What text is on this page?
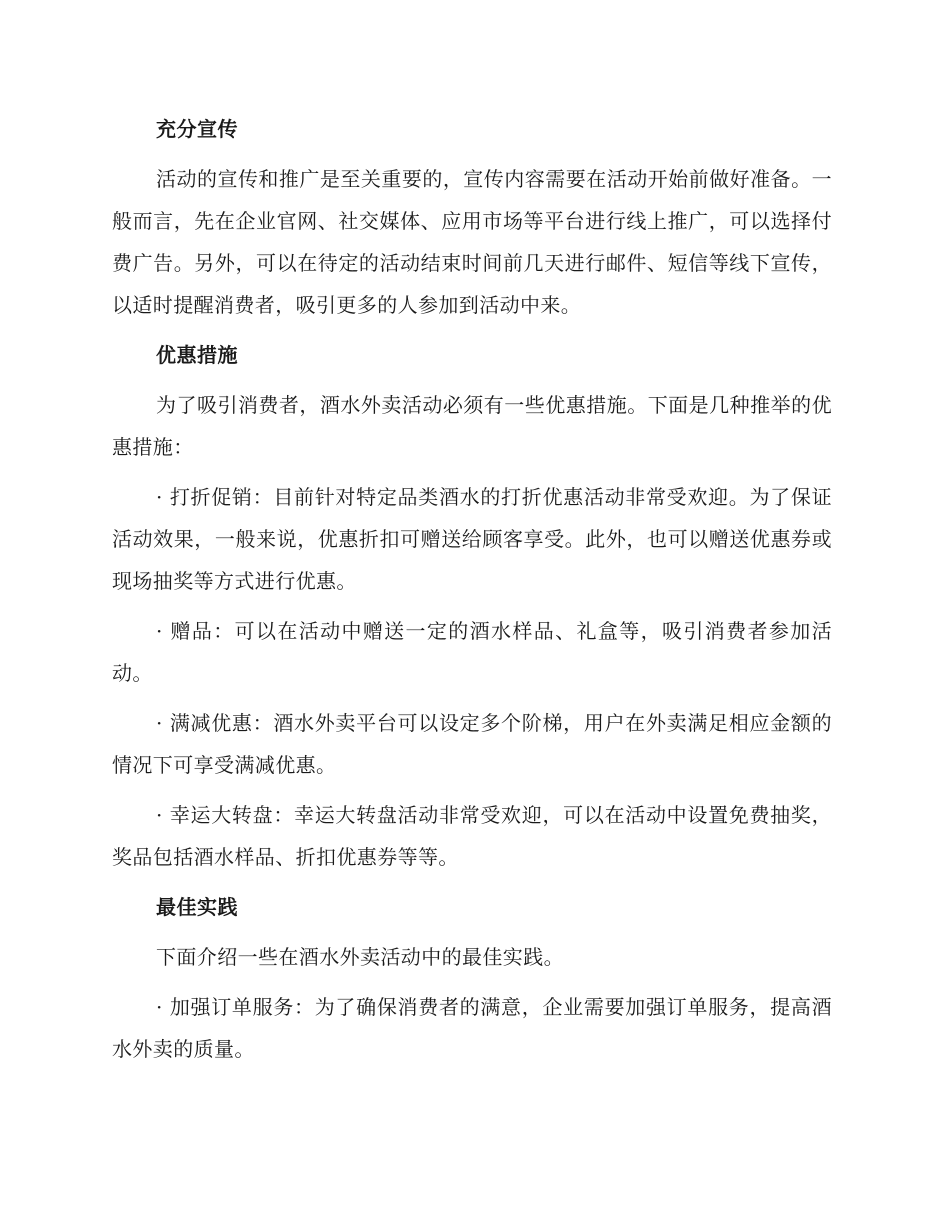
充分宣传

活动的宣传和推广是至关重要的，宣传内容需要在活动开始前做好准备。一般而言，先在企业官网、社交媒体、应用市场等平台进行线上推广，可以选择付费广告。另外，可以在待定的活动结束时间前几天进行邮件、短信等线下宣传，以适时提醒消费者，吸引更多的人参加到活动中来。

优惠措施

为了吸引消费者，酒水外卖活动必须有一些优惠措施。下面是几种推举的优惠措施：

· 打折促销：目前针对特定品类酒水的打折优惠活动非常受欢迎。为了保证活动效果，一般来说，优惠折扣可赠送给顾客享受。此外，也可以赠送优惠券或现场抽奖等方式进行优惠。

· 赠品：可以在活动中赠送一定的酒水样品、礼盒等，吸引消费者参加活动。

· 满减优惠：酒水外卖平台可以设定多个阶梯，用户在外卖满足相应金额的情况下可享受满减优惠。

· 幸运大转盘：幸运大转盘活动非常受欢迎，可以在活动中设置免费抽奖，奖品包括酒水样品、折扣优惠券等等。

最佳实践

下面介绍一些在酒水外卖活动中的最佳实践。

· 加强订单服务：为了确保消费者的满意，企业需要加强订单服务，提高酒水外卖的质量。
